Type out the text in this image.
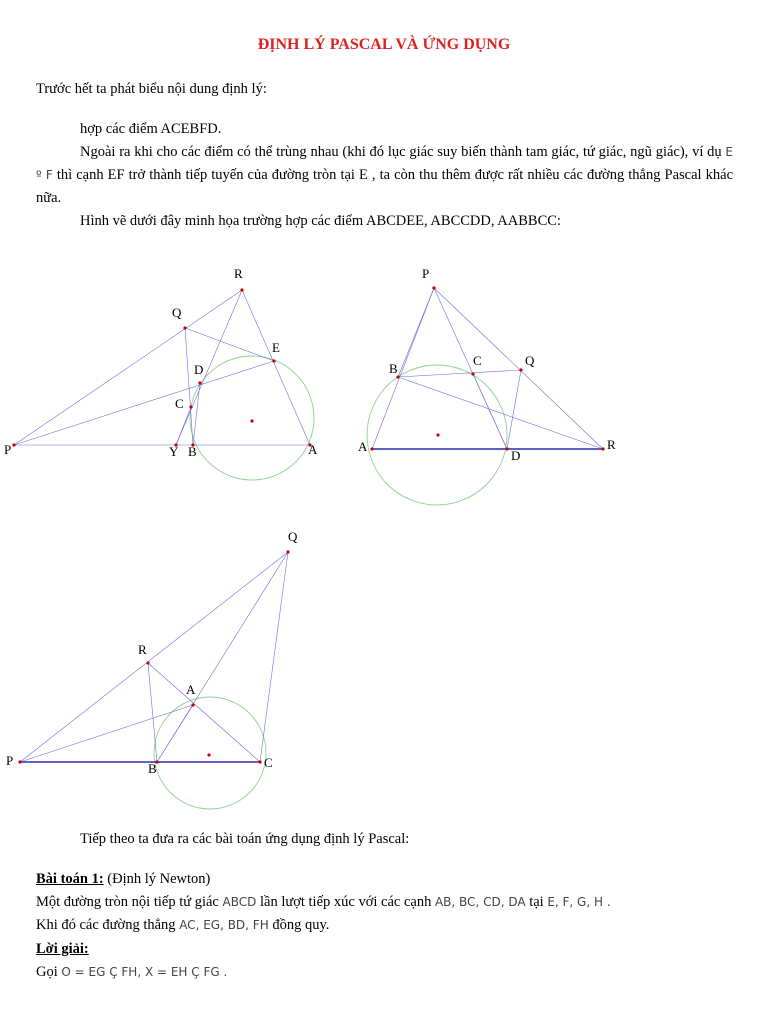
ĐỊNH LÝ PASCAL VÀ ỨNG DỤNG
Trước hết ta phát biểu nội dung định lý:
hợp các điểm ACEBFD.
Ngoài ra khi cho các điểm có thể trùng nhau (khi đó lục giác suy biến thành tam giác, tứ giác, ngũ giác), ví dụ E º F thì cạnh EF trở thành tiếp tuyến của đường tròn tại E , ta còn thu thêm được rất nhiều các đường thẳng Pascal khác nữa.
Hình vẽ dưới đây minh họa trường hợp các điểm ABCDEE, ABCCDD, AABBCC:
P
Q
R
E
D
C
Y B	A
P
B
C	Q
A
D
R
Q
R
A
P
B	C
Tiếp theo ta đưa ra các bài toán ứng dụng định lý Pascal:
Bài toán 1: (Định lý Newton)
Một đường tròn nội tiếp tứ giác ABCD lần lượt tiếp xúc với các cạnh AB, BC, CD, DA tại E, F, G, H .
Khi đó các đường thẳng AC, EG, BD, FH đồng quy.
Lời giải:
Gọi O = EG Ç FH, X = EH Ç FG .
